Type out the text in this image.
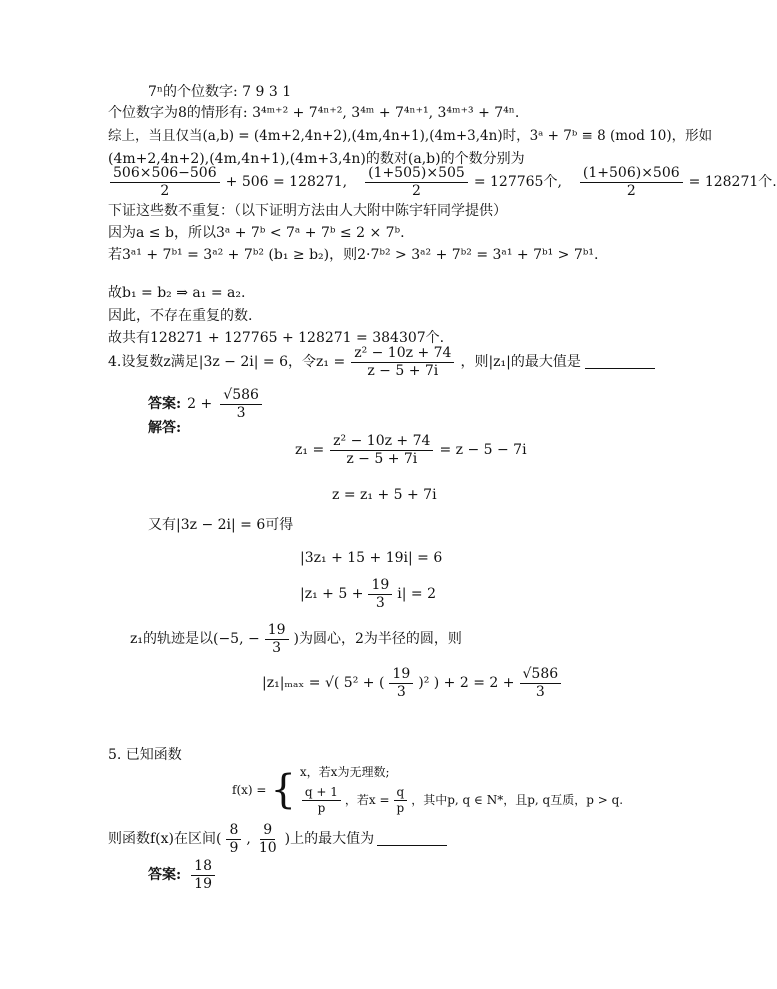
7ⁿ的个位数字: 7 9 3 1
个位数字为8的情形有: 3⁴ᵐ⁺² + 7⁴ⁿ⁺², 3⁴ᵐ + 7⁴ⁿ⁺¹, 3⁴ᵐ⁺³ + 7⁴ⁿ.
综上，当且仅当(a,b) = (4m+2,4n+2),(4m,4n+1),(4m+3,4n)时，3ᵃ + 7ᵇ ≡ 8 (mod 10)，形如
(4m+2,4n+2),(4m,4n+1),(4m+3,4n)的数对(a,b)的个数分别为
$\frac{506\times 506-506}{2} + 506 = 128271$, $\frac{(1+505)\times 505}{2} = 127765$个, $\frac{(1+506)\times 506}{2} = 128271$个.
下证这些数不重复：（以下证明方法由人大附中陈宇轩同学提供）
因为a ≤ b，所以3ᵃ + 7ᵇ < 7ᵃ + 7ᵇ ≤ 2 × 7ᵇ.
若3ᵃ¹ + 7ᵇ¹ = 3ᵃ² + 7ᵇ² (b₁ ≥ b₂)，则2·7ᵇ² > 3ᵃ² + 7ᵇ² = 3ᵃ¹ + 7ᵇ¹ > 7ᵇ¹.
故b₁ = b₂ ⇒ a₁ = a₂.
因此，不存在重复的数.
故共有128271 + 127765 + 128271 = 384307个.
4.设复数z满足|3z − 2i| = 6，令$z_1 = \frac{\text{z² − 10z + 74}}{z - 5 + 7i}$ ，则|z₁|的最大值是
答案: $2 + \frac{√586}{3}$
解答:
$z_1 = \frac{\text{z² − 10z + 74}}{z - 5 + 7i} = z - 5 - 7i$
z = z₁ + 5 + 7i
又有|3z − 2i| = 6可得
|3z₁ + 15 + 19i| = 6
$|z_1 + 5 + \frac{19}{3} i| = 2$
z₁的轨迹是以(−5, − $\frac{19}{3}$ )为圆心，2为半径的圆，则
|z₁|ₘₐₓ = √( 5² + ( $\frac{19}{3} )^2$ ) + $2 = 2 + \frac{√586}{3}$
5. 已知函数
f(x) = { x，若x为无理数;
$\frac{q + 1}{p}$ ，若$x = \frac{q}{p}$ ，其中p, q ∈ N*，且p, q互质，p > q.
则函数f(x)在区间( $\frac{8}{9}$ , $\frac{9}{10}$ )上的最大值为
答案: $\frac{18}{19}$
